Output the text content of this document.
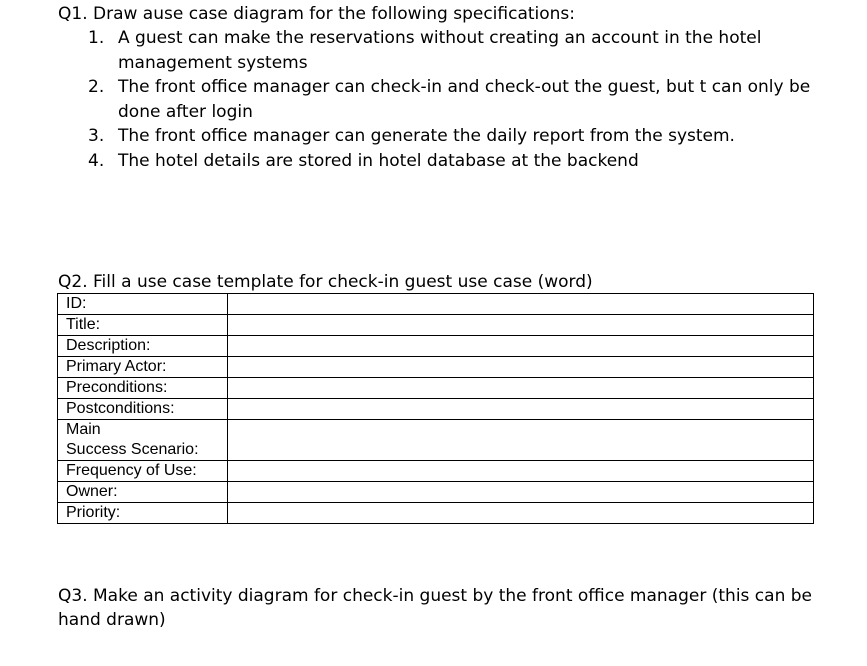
Q1. Draw ause case diagram for the following specifications:
1. A guest can make the reservations without creating an account in the hotel management systems
2. The front office manager can check-in and check-out the guest, but t can only be done after login
3. The front office manager can generate the daily report from the system.
4. The hotel details are stored in hotel database at the backend
Q2. Fill a use case template for check-in guest use case (word)
ID:	
Title:	
Description:	
Primary Actor:	
Preconditions:	
Postconditions:	

Main
Success Scenario:	

Frequency of Use:	
Owner:	
Priority:	
Q3. Make an activity diagram for check-in guest by the front office manager (this can be hand drawn)
